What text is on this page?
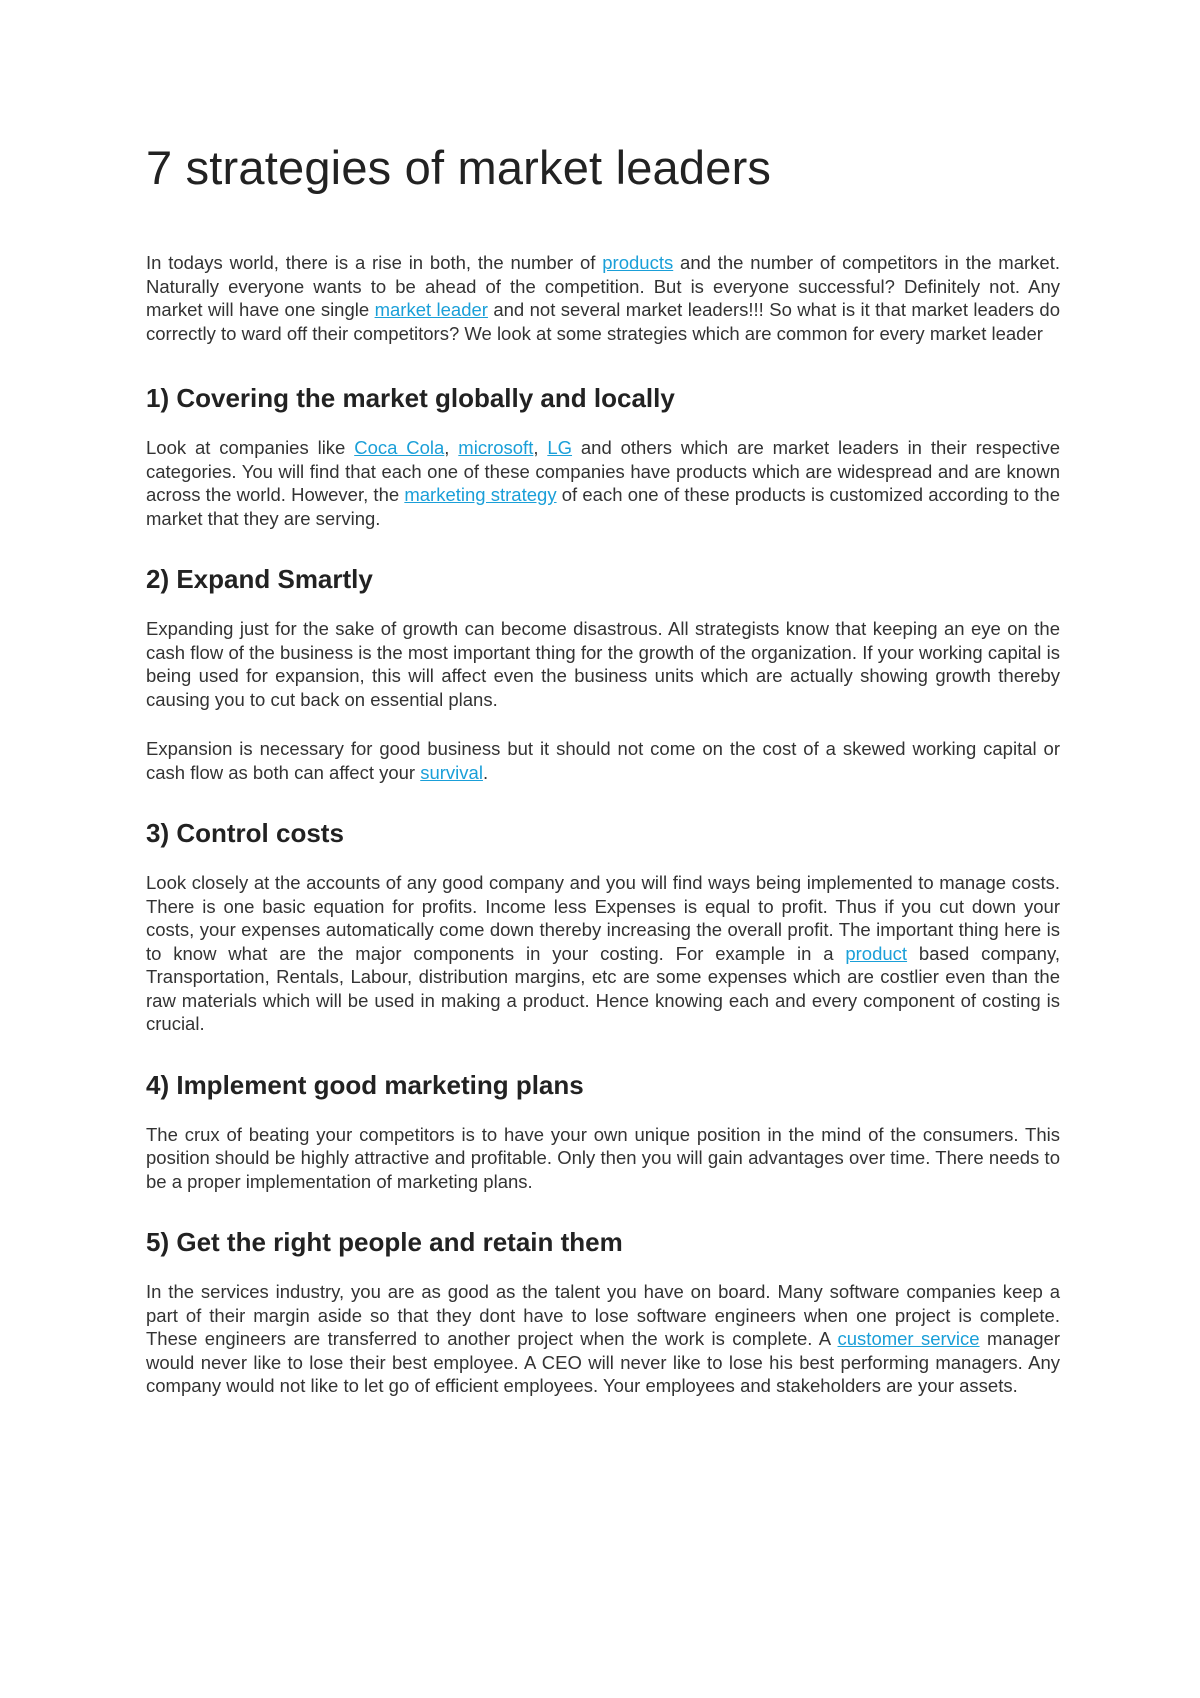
7 strategies of market leaders

In todays world, there is a rise in both, the number of products and the number of competitors in the market. Naturally everyone wants to be ahead of the competition. But is everyone successful? Definitely not. Any market will have one single market leader and not several market leaders!!! So what is it that market leaders do correctly to ward off their competitors? We look at some strategies which are common for every market leader

1) Covering the market globally and locally

Look at companies like Coca Cola, microsoft, LG and others which are market leaders in their respective categories. You will find that each one of these companies have products which are widespread and are known across the world. However, the marketing strategy of each one of these products is customized according to the market that they are serving.

2) Expand Smartly

Expanding just for the sake of growth can become disastrous. All strategists know that keeping an eye on the cash flow of the business is the most important thing for the growth of the organization. If your working capital is being used for expansion, this will affect even the business units which are actually showing growth thereby causing you to cut back on essential plans.

Expansion is necessary for good business but it should not come on the cost of a skewed working capital or cash flow as both can affect your survival.

3) Control costs

Look closely at the accounts of any good company and you will find ways being implemented to manage costs. There is one basic equation for profits. Income less Expenses is equal to profit. Thus if you cut down your costs, your expenses automatically come down thereby increasing the overall profit. The important thing here is to know what are the major components in your costing. For example in a product based company, Transportation, Rentals, Labour, distribution margins, etc are some expenses which are costlier even than the raw materials which will be used in making a product. Hence knowing each and every component of costing is crucial.

4) Implement good marketing plans

The crux of beating your competitors is to have your own unique position in the mind of the consumers. This position should be highly attractive and profitable. Only then you will gain advantages over time. There needs to be a proper implementation of marketing plans.

5) Get the right people and retain them

In the services industry, you are as good as the talent you have on board. Many software companies keep a part of their margin aside so that they dont have to lose software engineers when one project is complete. These engineers are transferred to another project when the work is complete. A customer service manager would never like to lose their best employee. A CEO will never like to lose his best performing managers. Any company would not like to let go of efficient employees. Your employees and stakeholders are your assets.
